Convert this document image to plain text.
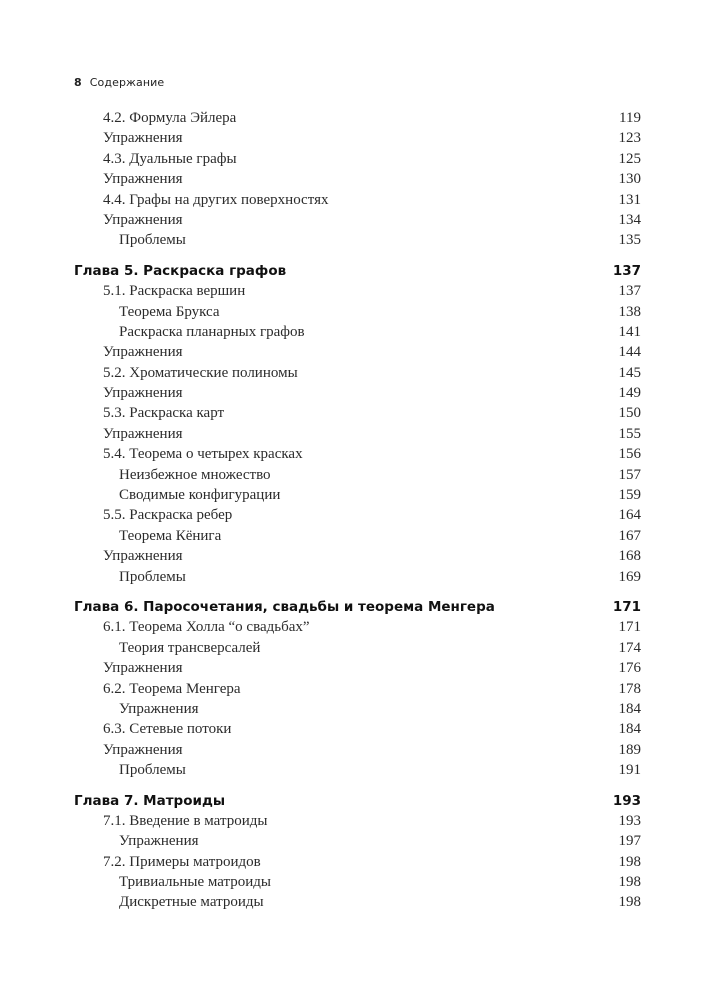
8 Содержание
4.2. Формула Эйлера	119
Упражнения	123
4.3. Дуальные графы	125
Упражнения	130
4.4. Графы на других поверхностях	131
Упражнения	134
Проблемы	135
Глава 5. Раскраска графов	137
5.1. Раскраска вершин	137
Теорема Брукса	138
Раскраска планарных графов	141
Упражнения	144
5.2. Хроматические полиномы	145
Упражнения	149
5.3. Раскраска карт	150
Упражнения	155
5.4. Теорема о четырех красках	156
Неизбежное множество	157
Сводимые конфигурации	159
5.5. Раскраска ребер	164
Теорема Кёнига	167
Упражнения	168
Проблемы	169
Глава 6. Паросочетания, свадьбы и теорема Менгера	171
6.1. Теорема Холла “о свадьбах”	171
Теория трансверсалей	174
Упражнения	176
6.2. Теорема Менгера	178
Упражнения	184
6.3. Сетевые потоки	184
Упражнения	189
Проблемы	191
Глава 7. Матроиды	193
7.1. Введение в матроиды	193
Упражнения	197
7.2. Примеры матроидов	198
Тривиальные матроиды	198
Дискретные матроиды	198
